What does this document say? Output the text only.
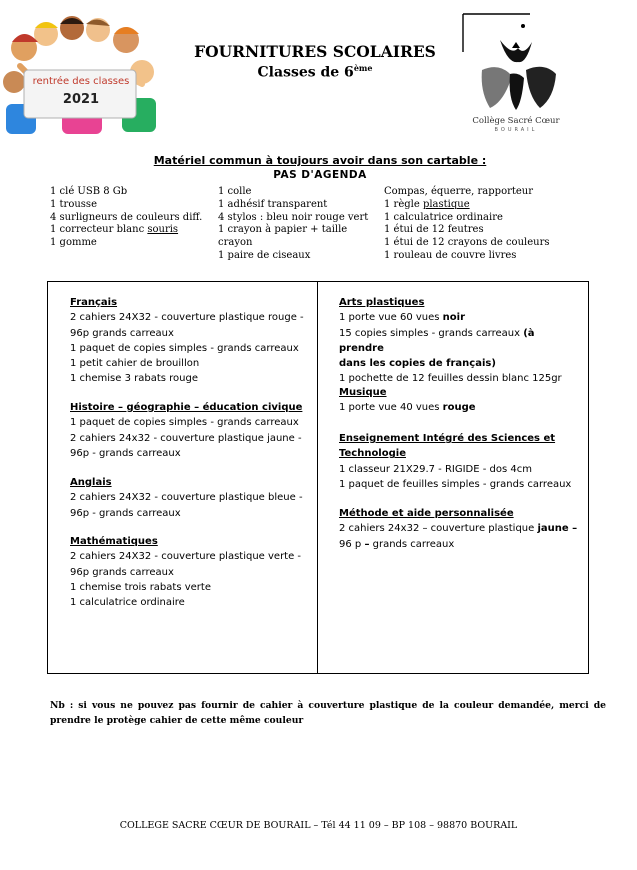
rentrée des classes
2021
Collège Sacré Cœur
BOURAIL
FOURNITURES SCOLAIRES
Classes de 6ème
Matériel commun à toujours avoir dans son cartable :
PAS D'AGENDA
1 clé USB 8 Gb
1 trousse
4 surligneurs de couleurs diff.
1 correcteur blanc souris
1 gomme
1 colle
1 adhésif transparent
4 stylos : bleu noir rouge vert
1 crayon à papier + taille crayon
1 paire de ciseaux
Compas, équerre, rapporteur
1 règle plastique
1 calculatrice ordinaire
1 étui de 12 feutres
1 étui de 12 crayons de couleurs
1 rouleau de couvre livres
Français
2 cahiers 24X32 - couverture plastique rouge -
96p grands carreaux
1 paquet de copies simples - grands carreaux
1 petit cahier de brouillon
1 chemise 3 rabats rouge
Histoire – géographie – éducation civique
1 paquet de copies simples - grands carreaux
2 cahiers 24x32 - couverture plastique jaune -
96p - grands carreaux
Anglais
2 cahiers 24X32 - couverture plastique bleue -
96p - grands carreaux
Mathématiques
2 cahiers 24X32 - couverture plastique verte -
96p grands carreaux
1 chemise trois rabats verte
1 calculatrice ordinaire
Arts plastiques
1 porte vue 60 vues noir
15 copies simples - grands carreaux (à prendre
dans les copies de français)
1 pochette de 12 feuilles dessin blanc 125gr
Musique
1 porte vue 40 vues rouge
Enseignement Intégré des Sciences et
Technologie
1 classeur 21X29.7 - RIGIDE - dos 4cm
1 paquet de feuilles simples - grands carreaux
Méthode et aide personnalisée
2 cahiers 24x32 – couverture plastique jaune –
96 p – grands carreaux
Nb : si vous ne pouvez pas fournir de cahier à couverture plastique de la couleur demandée, merci de prendre le protège cahier de cette même couleur
COLLEGE SACRE CŒUR DE BOURAIL – Tél 44 11 09 – BP 108 – 98870 BOURAIL
